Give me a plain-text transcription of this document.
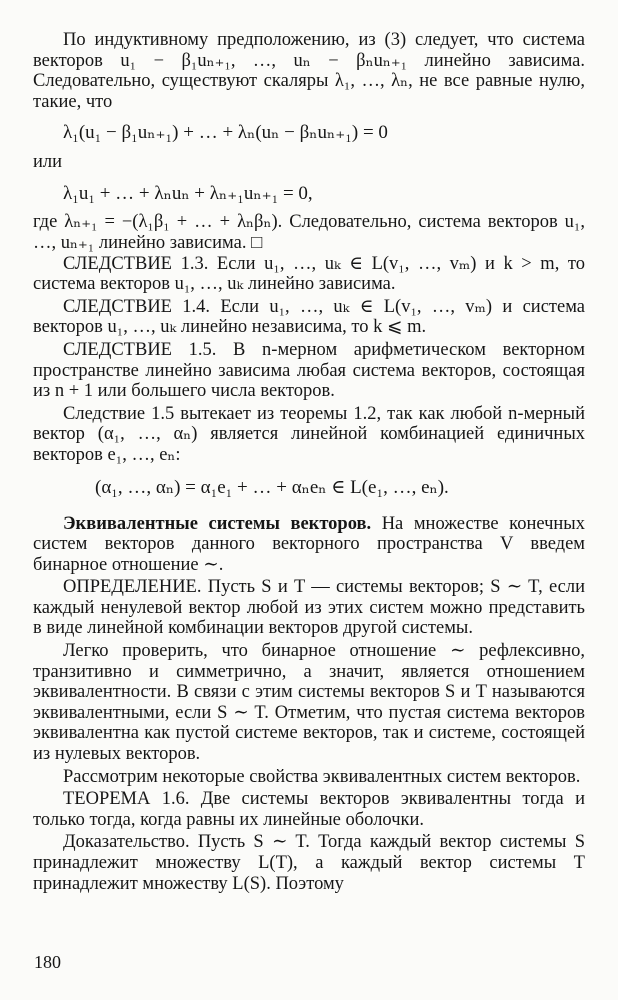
По индуктивному предположению, из (3) следует, что система векторов u₁ − β₁uₙ₊₁, …, uₙ − βₙuₙ₊₁ линейно зависима. Следовательно, существуют скаляры λ₁, …, λₙ, не все равные нулю, такие, что

λ₁(u₁ − β₁uₙ₊₁) + … + λₙ(uₙ − βₙuₙ₊₁) = 0

или

λ₁u₁ + … + λₙuₙ + λₙ₊₁uₙ₊₁ = 0,

где λₙ₊₁ = −(λ₁β₁ + … + λₙβₙ). Следовательно, система векторов u₁, …, uₙ₊₁ линейно зависима. □

СЛЕДСТВИЕ 1.3. Если u₁, …, uₖ ∈ L(v₁, …, vₘ) и k > m, то система векторов u₁, …, uₖ линейно зависима.

СЛЕДСТВИЕ 1.4. Если u₁, …, uₖ ∈ L(v₁, …, vₘ) и система векторов u₁, …, uₖ линейно независима, то k ⩽ m.

СЛЕДСТВИЕ 1.5. В n-мерном арифметическом векторном пространстве линейно зависима любая система векторов, состоящая из n + 1 или большего числа векторов.

Следствие 1.5 вытекает из теоремы 1.2, так как любой n-мерный вектор (α₁, …, αₙ) является линейной комбинацией единичных векторов e₁, …, eₙ:

(α₁, …, αₙ) = α₁e₁ + … + αₙeₙ ∈ L(e₁, …, eₙ).

Эквивалентные системы векторов. На множестве конечных систем векторов данного векторного пространства V введем бинарное отношение ∼.

ОПРЕДЕЛЕНИЕ. Пусть S и T — системы векторов; S ∼ T, если каждый ненулевой вектор любой из этих систем можно представить в виде линейной комбинации векторов другой системы.

Легко проверить, что бинарное отношение ∼ рефлексивно, транзитивно и симметрично, а значит, является отношением эквивалентности. В связи с этим системы векторов S и T называются эквивалентными, если S ∼ T. Отметим, что пустая система векторов эквивалентна как пустой системе векторов, так и системе, состоящей из нулевых векторов.

Рассмотрим некоторые свойства эквивалентных систем векторов.

ТЕОРЕМА 1.6. Две системы векторов эквивалентны тогда и только тогда, когда равны их линейные оболочки.

Доказательство. Пусть S ∼ T. Тогда каждый вектор системы S принадлежит множеству L(T), а каждый вектор системы T принадлежит множеству L(S). Поэтому

180
